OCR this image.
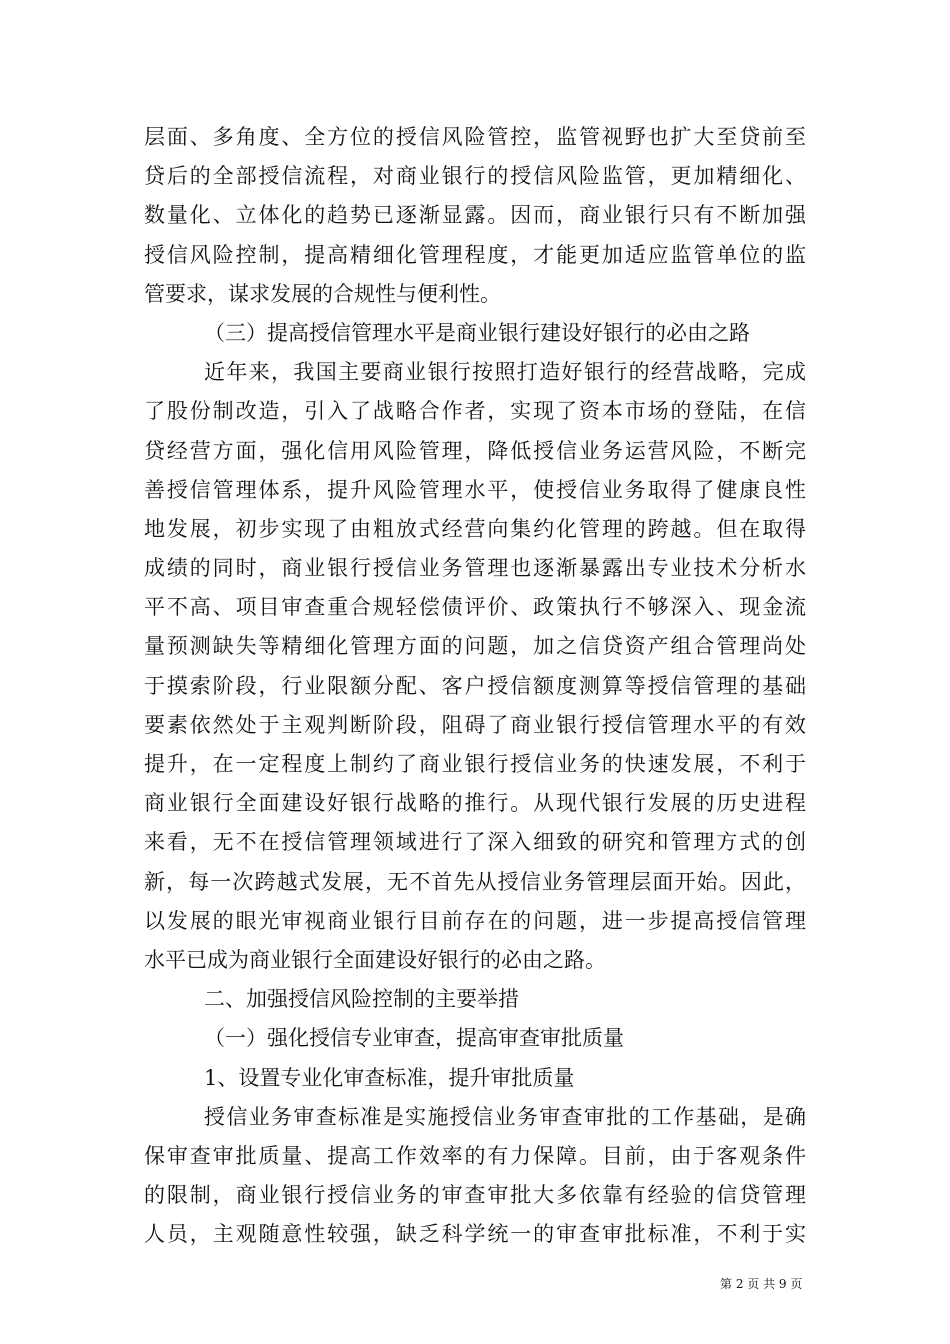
层面、多角度、全方位的授信风险管控，监管视野也扩大至贷前至
贷后的全部授信流程，对商业银行的授信风险监管，更加精细化、
数量化、立体化的趋势已逐渐显露。因而，商业银行只有不断加强
授信风险控制，提高精细化管理程度，才能更加适应监管单位的监
管要求，谋求发展的合规性与便利性。
（三）提高授信管理水平是商业银行建设好银行的必由之路
近年来，我国主要商业银行按照打造好银行的经营战略，完成
了股份制改造，引入了战略合作者，实现了资本市场的登陆，在信
贷经营方面，强化信用风险管理，降低授信业务运营风险，不断完
善授信管理体系，提升风险管理水平，使授信业务取得了健康良性
地发展，初步实现了由粗放式经营向集约化管理的跨越。但在取得
成绩的同时，商业银行授信业务管理也逐渐暴露出专业技术分析水
平不高、项目审查重合规轻偿债评价、政策执行不够深入、现金流
量预测缺失等精细化管理方面的问题，加之信贷资产组合管理尚处
于摸索阶段，行业限额分配、客户授信额度测算等授信管理的基础
要素依然处于主观判断阶段，阻碍了商业银行授信管理水平的有效
提升，在一定程度上制约了商业银行授信业务的快速发展，不利于
商业银行全面建设好银行战略的推行。从现代银行发展的历史进程
来看，无不在授信管理领域进行了深入细致的研究和管理方式的创
新，每一次跨越式发展，无不首先从授信业务管理层面开始。因此，
以发展的眼光审视商业银行目前存在的问题，进一步提高授信管理
水平已成为商业银行全面建设好银行的必由之路。
二、加强授信风险控制的主要举措
（一）强化授信专业审查，提高审查审批质量
1、设置专业化审查标准，提升审批质量
授信业务审查标准是实施授信业务审查审批的工作基础，是确
保审查审批质量、提高工作效率的有力保障。目前，由于客观条件
的限制，商业银行授信业务的审查审批大多依靠有经验的信贷管理
人员，主观随意性较强，缺乏科学统一的审查审批标准，不利于实
第 2 页 共 9 页
